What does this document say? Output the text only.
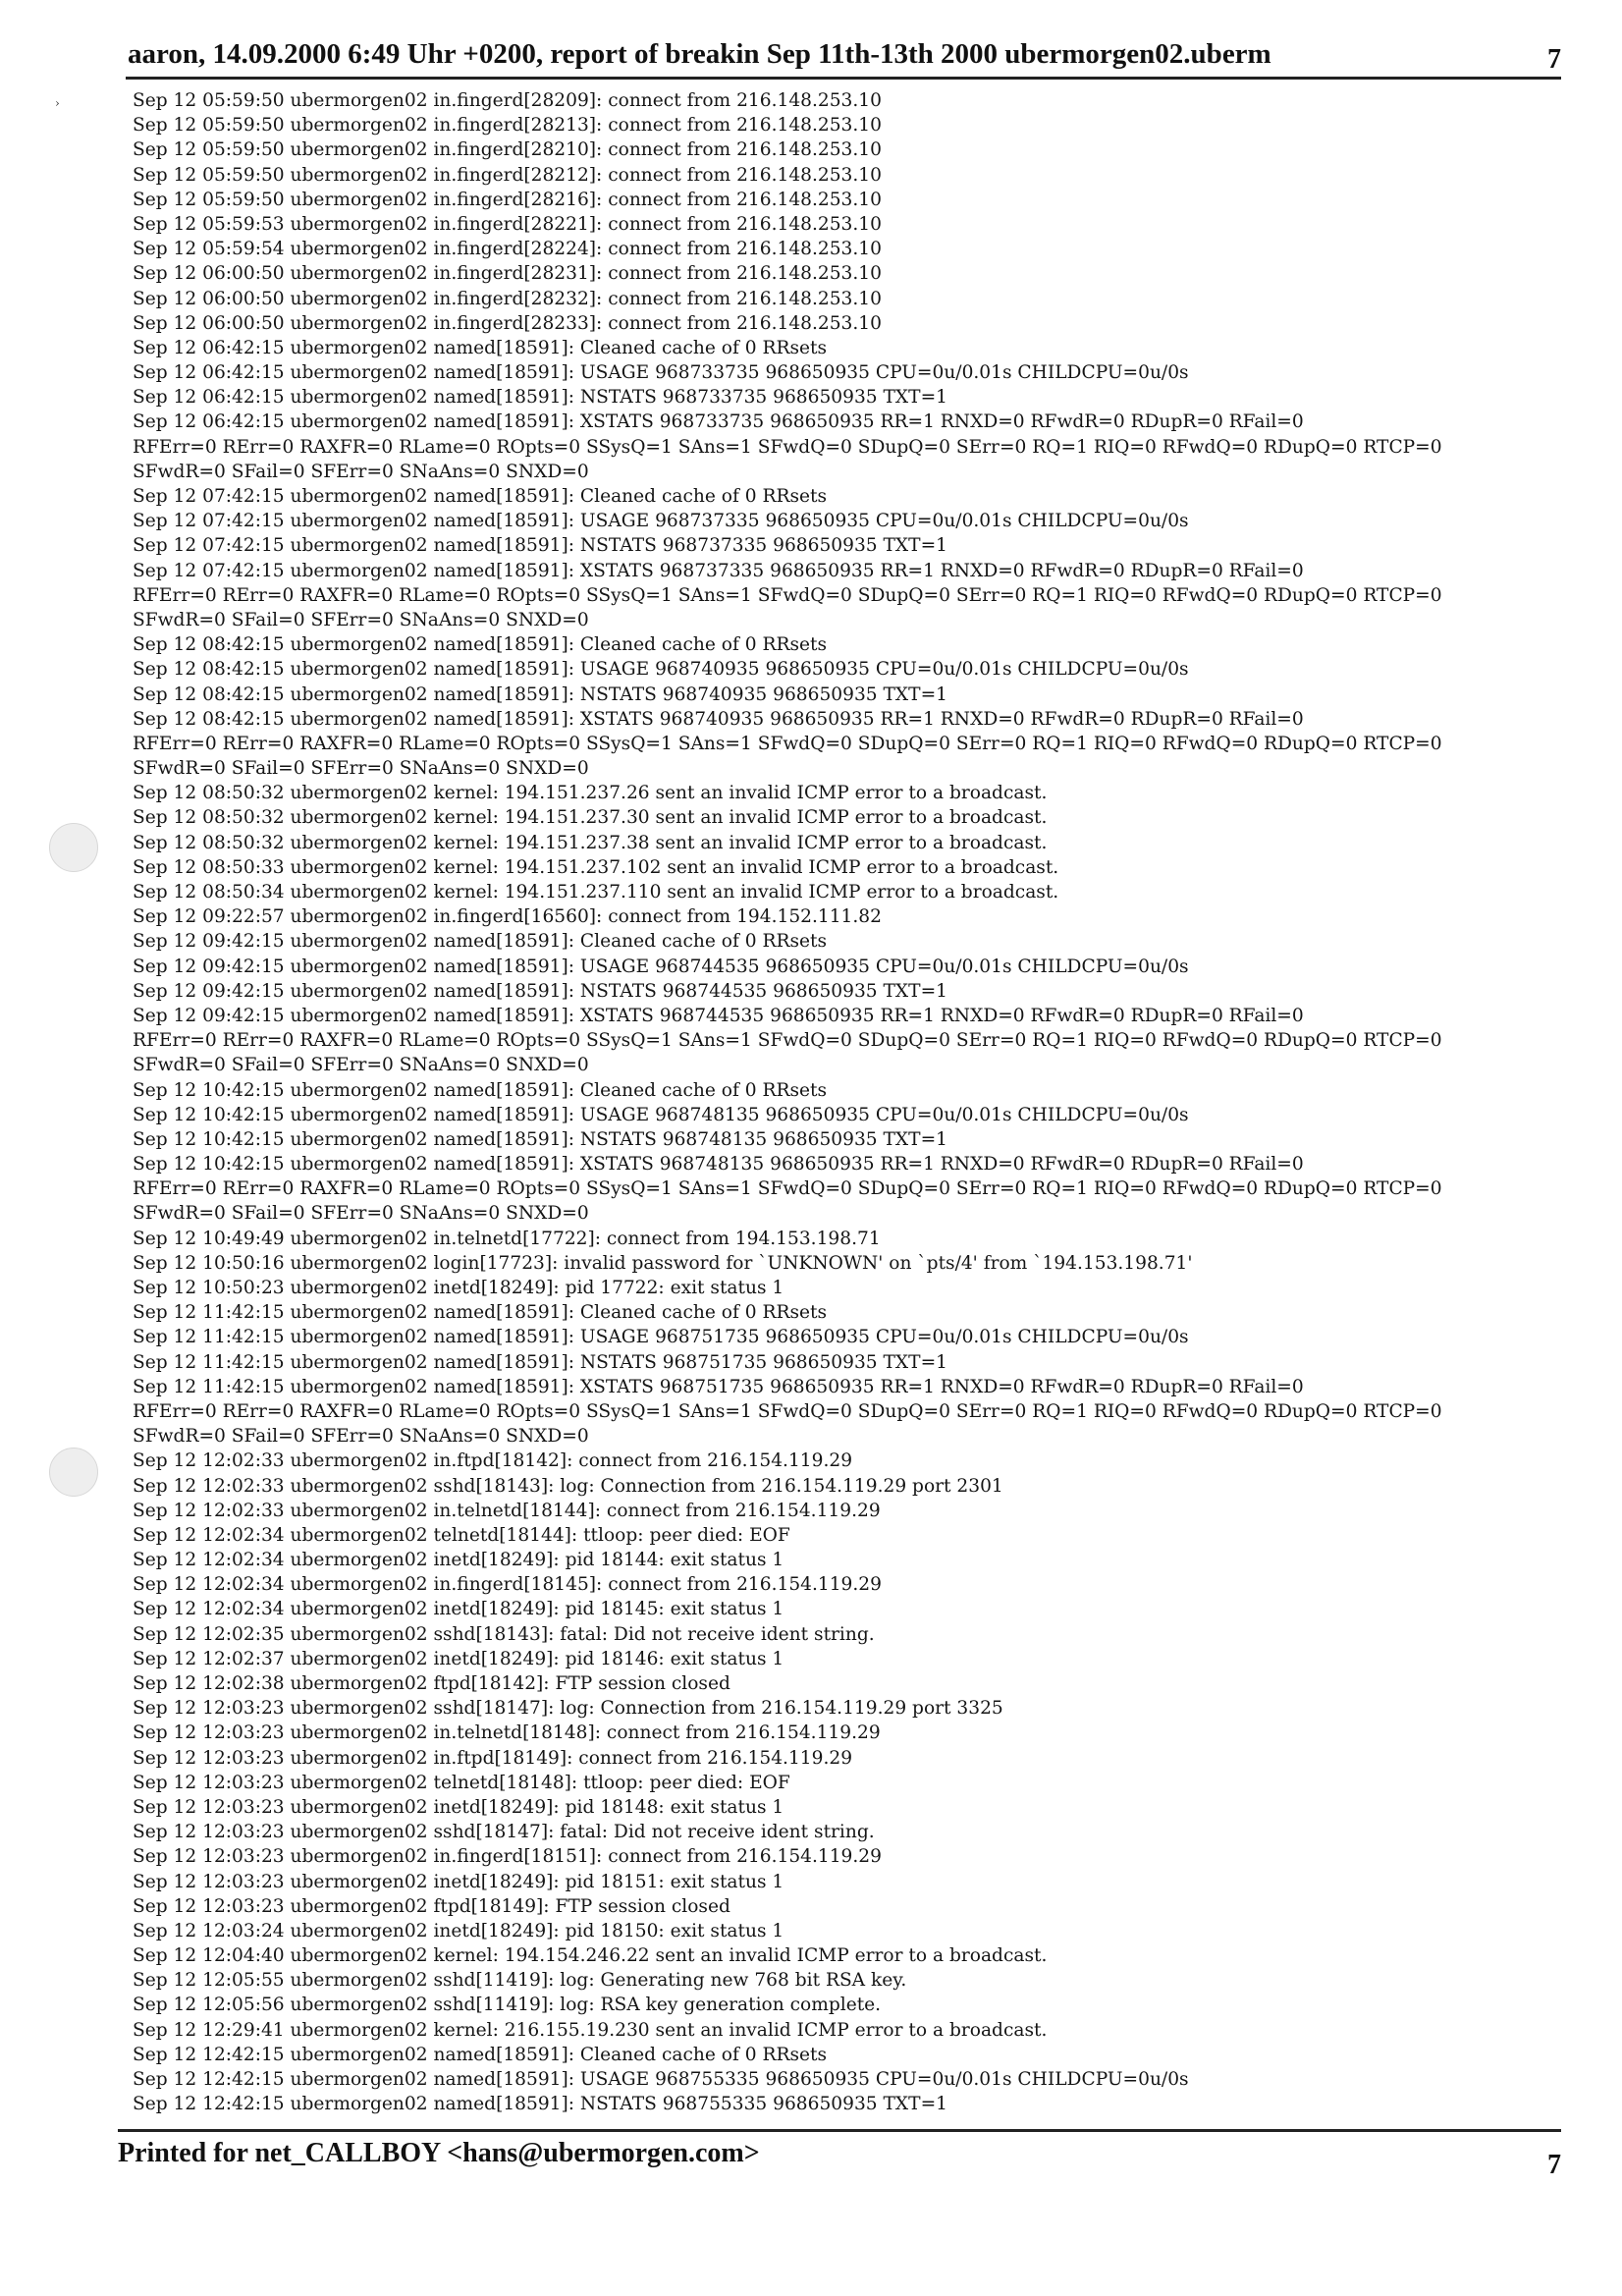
aaron, 14.09.2000 6:49 Uhr +0200, report of breakin Sep 11th-13th 2000 ubermorgen02.uberm	7
›	Sep 12 05:59:50 ubermorgen02 in.fingerd[28209]: connect from 216.148.253.10
Sep 12 05:59:50 ubermorgen02 in.fingerd[28213]: connect from 216.148.253.10
Sep 12 05:59:50 ubermorgen02 in.fingerd[28210]: connect from 216.148.253.10
Sep 12 05:59:50 ubermorgen02 in.fingerd[28212]: connect from 216.148.253.10
Sep 12 05:59:50 ubermorgen02 in.fingerd[28216]: connect from 216.148.253.10
Sep 12 05:59:53 ubermorgen02 in.fingerd[28221]: connect from 216.148.253.10
Sep 12 05:59:54 ubermorgen02 in.fingerd[28224]: connect from 216.148.253.10
Sep 12 06:00:50 ubermorgen02 in.fingerd[28231]: connect from 216.148.253.10
Sep 12 06:00:50 ubermorgen02 in.fingerd[28232]: connect from 216.148.253.10
Sep 12 06:00:50 ubermorgen02 in.fingerd[28233]: connect from 216.148.253.10
Sep 12 06:42:15 ubermorgen02 named[18591]: Cleaned cache of 0 RRsets
Sep 12 06:42:15 ubermorgen02 named[18591]: USAGE 968733735 968650935 CPU=0u/0.01s CHILDCPU=0u/0s
Sep 12 06:42:15 ubermorgen02 named[18591]: NSTATS 968733735 968650935 TXT=1
Sep 12 06:42:15 ubermorgen02 named[18591]: XSTATS 968733735 968650935 RR=1 RNXD=0 RFwdR=0 RDupR=0 RFail=0
RFErr=0 RErr=0 RAXFR=0 RLame=0 ROpts=0 SSysQ=1 SAns=1 SFwdQ=0 SDupQ=0 SErr=0 RQ=1 RIQ=0 RFwdQ=0 RDupQ=0 RTCP=0
SFwdR=0 SFail=0 SFErr=0 SNaAns=0 SNXD=0
Sep 12 07:42:15 ubermorgen02 named[18591]: Cleaned cache of 0 RRsets
Sep 12 07:42:15 ubermorgen02 named[18591]: USAGE 968737335 968650935 CPU=0u/0.01s CHILDCPU=0u/0s
Sep 12 07:42:15 ubermorgen02 named[18591]: NSTATS 968737335 968650935 TXT=1
Sep 12 07:42:15 ubermorgen02 named[18591]: XSTATS 968737335 968650935 RR=1 RNXD=0 RFwdR=0 RDupR=0 RFail=0
RFErr=0 RErr=0 RAXFR=0 RLame=0 ROpts=0 SSysQ=1 SAns=1 SFwdQ=0 SDupQ=0 SErr=0 RQ=1 RIQ=0 RFwdQ=0 RDupQ=0 RTCP=0
SFwdR=0 SFail=0 SFErr=0 SNaAns=0 SNXD=0
Sep 12 08:42:15 ubermorgen02 named[18591]: Cleaned cache of 0 RRsets
Sep 12 08:42:15 ubermorgen02 named[18591]: USAGE 968740935 968650935 CPU=0u/0.01s CHILDCPU=0u/0s
Sep 12 08:42:15 ubermorgen02 named[18591]: NSTATS 968740935 968650935 TXT=1
Sep 12 08:42:15 ubermorgen02 named[18591]: XSTATS 968740935 968650935 RR=1 RNXD=0 RFwdR=0 RDupR=0 RFail=0
RFErr=0 RErr=0 RAXFR=0 RLame=0 ROpts=0 SSysQ=1 SAns=1 SFwdQ=0 SDupQ=0 SErr=0 RQ=1 RIQ=0 RFwdQ=0 RDupQ=0 RTCP=0
SFwdR=0 SFail=0 SFErr=0 SNaAns=0 SNXD=0
Sep 12 08:50:32 ubermorgen02 kernel: 194.151.237.26 sent an invalid ICMP error to a broadcast.
Sep 12 08:50:32 ubermorgen02 kernel: 194.151.237.30 sent an invalid ICMP error to a broadcast.
Sep 12 08:50:32 ubermorgen02 kernel: 194.151.237.38 sent an invalid ICMP error to a broadcast.
Sep 12 08:50:33 ubermorgen02 kernel: 194.151.237.102 sent an invalid ICMP error to a broadcast.
Sep 12 08:50:34 ubermorgen02 kernel: 194.151.237.110 sent an invalid ICMP error to a broadcast.
Sep 12 09:22:57 ubermorgen02 in.fingerd[16560]: connect from 194.152.111.82
Sep 12 09:42:15 ubermorgen02 named[18591]: Cleaned cache of 0 RRsets
Sep 12 09:42:15 ubermorgen02 named[18591]: USAGE 968744535 968650935 CPU=0u/0.01s CHILDCPU=0u/0s
Sep 12 09:42:15 ubermorgen02 named[18591]: NSTATS 968744535 968650935 TXT=1
Sep 12 09:42:15 ubermorgen02 named[18591]: XSTATS 968744535 968650935 RR=1 RNXD=0 RFwdR=0 RDupR=0 RFail=0
RFErr=0 RErr=0 RAXFR=0 RLame=0 ROpts=0 SSysQ=1 SAns=1 SFwdQ=0 SDupQ=0 SErr=0 RQ=1 RIQ=0 RFwdQ=0 RDupQ=0 RTCP=0
SFwdR=0 SFail=0 SFErr=0 SNaAns=0 SNXD=0
Sep 12 10:42:15 ubermorgen02 named[18591]: Cleaned cache of 0 RRsets
Sep 12 10:42:15 ubermorgen02 named[18591]: USAGE 968748135 968650935 CPU=0u/0.01s CHILDCPU=0u/0s
Sep 12 10:42:15 ubermorgen02 named[18591]: NSTATS 968748135 968650935 TXT=1
Sep 12 10:42:15 ubermorgen02 named[18591]: XSTATS 968748135 968650935 RR=1 RNXD=0 RFwdR=0 RDupR=0 RFail=0
RFErr=0 RErr=0 RAXFR=0 RLame=0 ROpts=0 SSysQ=1 SAns=1 SFwdQ=0 SDupQ=0 SErr=0 RQ=1 RIQ=0 RFwdQ=0 RDupQ=0 RTCP=0
SFwdR=0 SFail=0 SFErr=0 SNaAns=0 SNXD=0
Sep 12 10:49:49 ubermorgen02 in.telnetd[17722]: connect from 194.153.198.71
Sep 12 10:50:16 ubermorgen02 login[17723]: invalid password for `UNKNOWN' on `pts/4' from `194.153.198.71'
Sep 12 10:50:23 ubermorgen02 inetd[18249]: pid 17722: exit status 1
Sep 12 11:42:15 ubermorgen02 named[18591]: Cleaned cache of 0 RRsets
Sep 12 11:42:15 ubermorgen02 named[18591]: USAGE 968751735 968650935 CPU=0u/0.01s CHILDCPU=0u/0s
Sep 12 11:42:15 ubermorgen02 named[18591]: NSTATS 968751735 968650935 TXT=1
Sep 12 11:42:15 ubermorgen02 named[18591]: XSTATS 968751735 968650935 RR=1 RNXD=0 RFwdR=0 RDupR=0 RFail=0
RFErr=0 RErr=0 RAXFR=0 RLame=0 ROpts=0 SSysQ=1 SAns=1 SFwdQ=0 SDupQ=0 SErr=0 RQ=1 RIQ=0 RFwdQ=0 RDupQ=0 RTCP=0
SFwdR=0 SFail=0 SFErr=0 SNaAns=0 SNXD=0
Sep 12 12:02:33 ubermorgen02 in.ftpd[18142]: connect from 216.154.119.29
Sep 12 12:02:33 ubermorgen02 sshd[18143]: log: Connection from 216.154.119.29 port 2301
Sep 12 12:02:33 ubermorgen02 in.telnetd[18144]: connect from 216.154.119.29
Sep 12 12:02:34 ubermorgen02 telnetd[18144]: ttloop: peer died: EOF
Sep 12 12:02:34 ubermorgen02 inetd[18249]: pid 18144: exit status 1
Sep 12 12:02:34 ubermorgen02 in.fingerd[18145]: connect from 216.154.119.29
Sep 12 12:02:34 ubermorgen02 inetd[18249]: pid 18145: exit status 1
Sep 12 12:02:35 ubermorgen02 sshd[18143]: fatal: Did not receive ident string.
Sep 12 12:02:37 ubermorgen02 inetd[18249]: pid 18146: exit status 1
Sep 12 12:02:38 ubermorgen02 ftpd[18142]: FTP session closed
Sep 12 12:03:23 ubermorgen02 sshd[18147]: log: Connection from 216.154.119.29 port 3325
Sep 12 12:03:23 ubermorgen02 in.telnetd[18148]: connect from 216.154.119.29
Sep 12 12:03:23 ubermorgen02 in.ftpd[18149]: connect from 216.154.119.29
Sep 12 12:03:23 ubermorgen02 telnetd[18148]: ttloop: peer died: EOF
Sep 12 12:03:23 ubermorgen02 inetd[18249]: pid 18148: exit status 1
Sep 12 12:03:23 ubermorgen02 sshd[18147]: fatal: Did not receive ident string.
Sep 12 12:03:23 ubermorgen02 in.fingerd[18151]: connect from 216.154.119.29
Sep 12 12:03:23 ubermorgen02 inetd[18249]: pid 18151: exit status 1
Sep 12 12:03:23 ubermorgen02 ftpd[18149]: FTP session closed
Sep 12 12:03:24 ubermorgen02 inetd[18249]: pid 18150: exit status 1
Sep 12 12:04:40 ubermorgen02 kernel: 194.154.246.22 sent an invalid ICMP error to a broadcast.
Sep 12 12:05:55 ubermorgen02 sshd[11419]: log: Generating new 768 bit RSA key.
Sep 12 12:05:56 ubermorgen02 sshd[11419]: log: RSA key generation complete.
Sep 12 12:29:41 ubermorgen02 kernel: 216.155.19.230 sent an invalid ICMP error to a broadcast.
Sep 12 12:42:15 ubermorgen02 named[18591]: Cleaned cache of 0 RRsets
Sep 12 12:42:15 ubermorgen02 named[18591]: USAGE 968755335 968650935 CPU=0u/0.01s CHILDCPU=0u/0s
Sep 12 12:42:15 ubermorgen02 named[18591]: NSTATS 968755335 968650935 TXT=1
Printed for net_CALLBOY <hans@ubermorgen.com>	7
